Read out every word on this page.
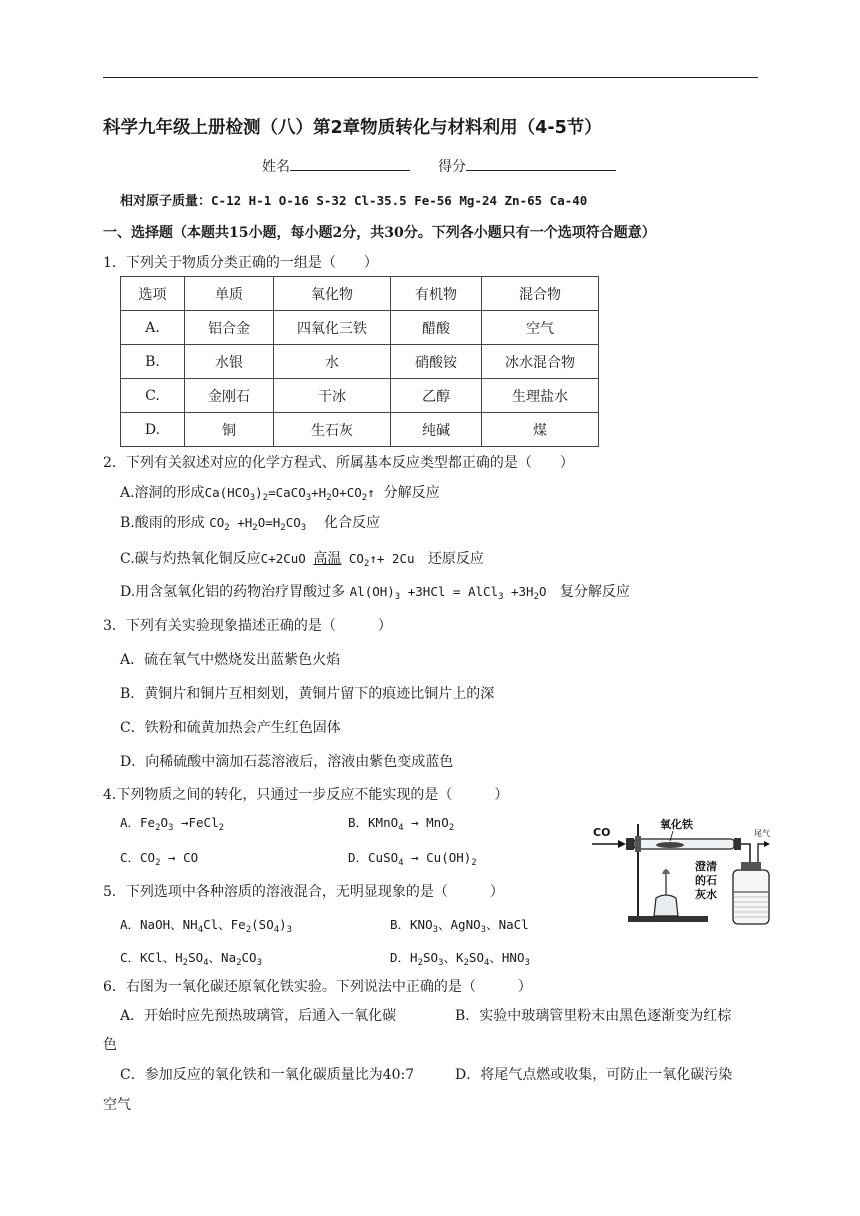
科学九年级上册检测（八）第2章物质转化与材料利用（4-5节）
姓名	得分
相对原子质量：C-12 H-1 O-16 S-32 Cl-35.5 Fe-56 Mg-24 Zn-65 Ca-40
一、选择题（本题共15小题，每小题2分，共30分。下列各小题只有一个选项符合题意）
1．下列关于物质分类正确的一组是（　　）
选项	单质	氧化物	有机物	混合物
A.	铝合金	四氧化三铁	醋酸	空气
B.	水银	水	硝酸铵	冰水混合物
C.	金刚石	干冰	乙醇	生理盐水
D.	铜	生石灰	纯碱	煤
2．下列有关叙述对应的化学方程式、所属基本反应类型都正确的是（　　）
A.溶洞的形成$Ca(HCO_3)_2=CaCO_3+H_2O+CO_2↑$ 分解反应
B.酸雨的形成 $CO_2 +H_2O=H_2CO_3$ 化合反应
C.碳与灼热氧化铜反应C+2CuO 高温 $CO_2↑+ 2Cu$ 还原反应
D.用含氢氧化铝的药物治疗胃酸过多 $Al(OH)_3 +3HCl$ = AlCl$_3$ $+3H_2O$ 复分解反应
3．下列有关实验现象描述正确的是（　　　）
A．硫在氧气中燃烧发出蓝紫色火焰
B．黄铜片和铜片互相刻划，黄铜片留下的痕迹比铜片上的深
C．铁粉和硫黄加热会产生红色固体
D．向稀硫酸中滴加石蕊溶液后，溶液由紫色变成蓝色
4.下列物质之间的转化，只通过一步反应不能实现的是（　　　）
A．$Fe_2O_3$ →FeCl$_2$	B．KMnO$_4$ → MnO$_2$
C．$CO_2$ → CO	D．CuSO$_4$ → $Cu(OH)_2$
5．下列选项中各种溶质的溶液混合，无明显现象的是（　　　）
A．NaOH、$NH_4Cl$、$Fe_2(SO_4)_3$	B．$KNO_3$、AgNO$_3$、NaCl
C．KCl、$H_2SO_4$、$Na_2CO_3$	D．$H_2SO_3$、$K_2SO_4$、$HNO_3$
6．右图为一氧化碳还原氧化铁实验。下列说法中正确的是（　　　）
A．开始时应先预热玻璃管，后通入一氧化碳	B．实验中玻璃管里粉末由黑色逐渐变为红棕
色
C．参加反应的氧化铁和一氧化碳质量比为40:7	D．将尾气点燃或收集，可防止一氧化碳污染
空气
CO
氧化铁
尾气
澄清
的石
灰水
